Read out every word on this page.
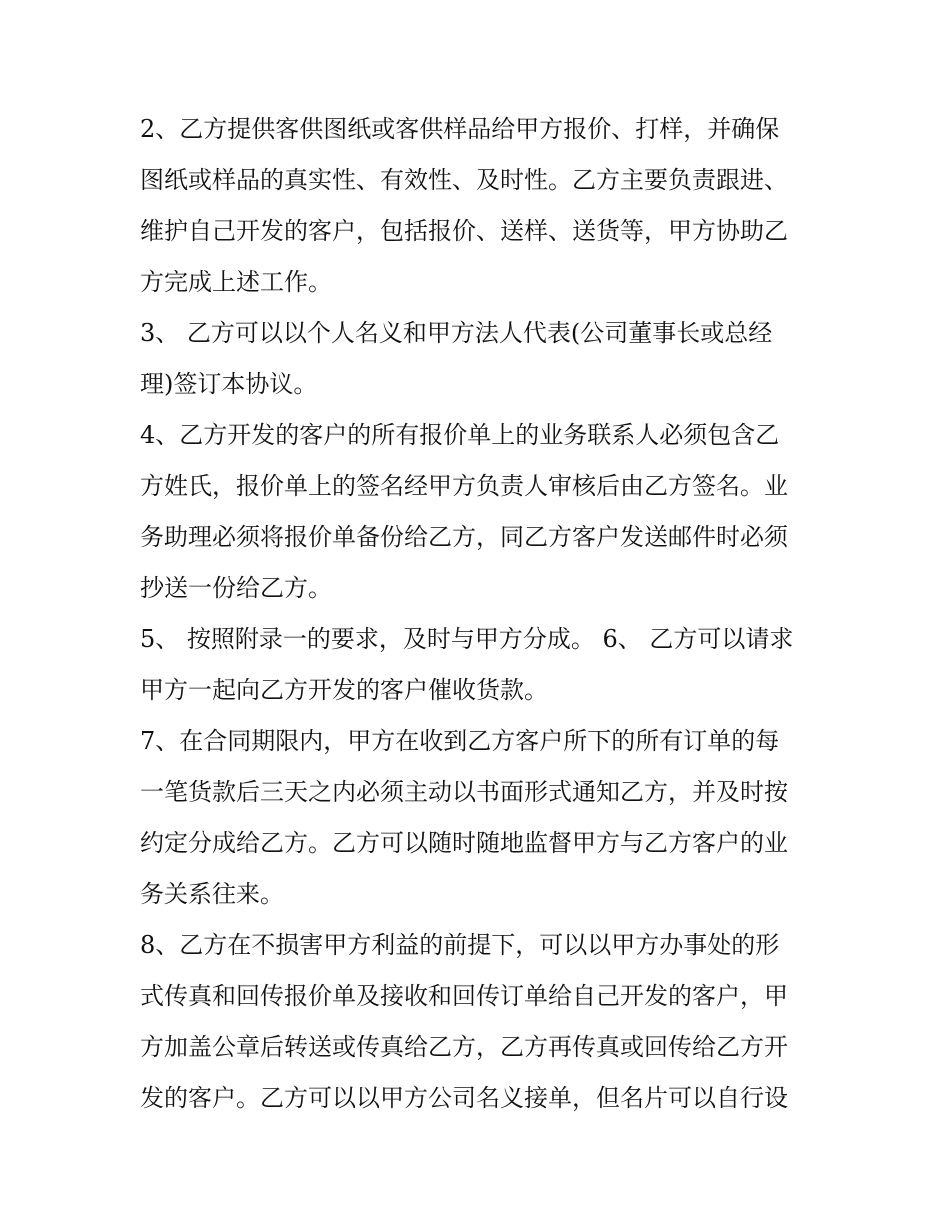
2、乙方提供客供图纸或客供样品给甲方报价、打样，并确保
图纸或样品的真实性、有效性、及时性。乙方主要负责跟进、
维护自己开发的客户，包括报价、送样、送货等，甲方协助乙
方完成上述工作。
3、 乙方可以以个人名义和甲方法人代表(公司董事长或总经
理)签订本协议。
4、乙方开发的客户的所有报价单上的业务联系人必须包含乙
方姓氏，报价单上的签名经甲方负责人审核后由乙方签名。业
务助理必须将报价单备份给乙方，同乙方客户发送邮件时必须
抄送一份给乙方。
5、 按照附录一的要求，及时与甲方分成。 6、 乙方可以请求
甲方一起向乙方开发的客户催收货款。
7、在合同期限内，甲方在收到乙方客户所下的所有订单的每
一笔货款后三天之内必须主动以书面形式通知乙方，并及时按
约定分成给乙方。乙方可以随时随地监督甲方与乙方客户的业
务关系往来。
8、乙方在不损害甲方利益的前提下，可以以甲方办事处的形
式传真和回传报价单及接收和回传订单给自己开发的客户，甲
方加盖公章后转送或传真给乙方，乙方再传真或回传给乙方开
发的客户。乙方可以以甲方公司名义接单，但名片可以自行设
